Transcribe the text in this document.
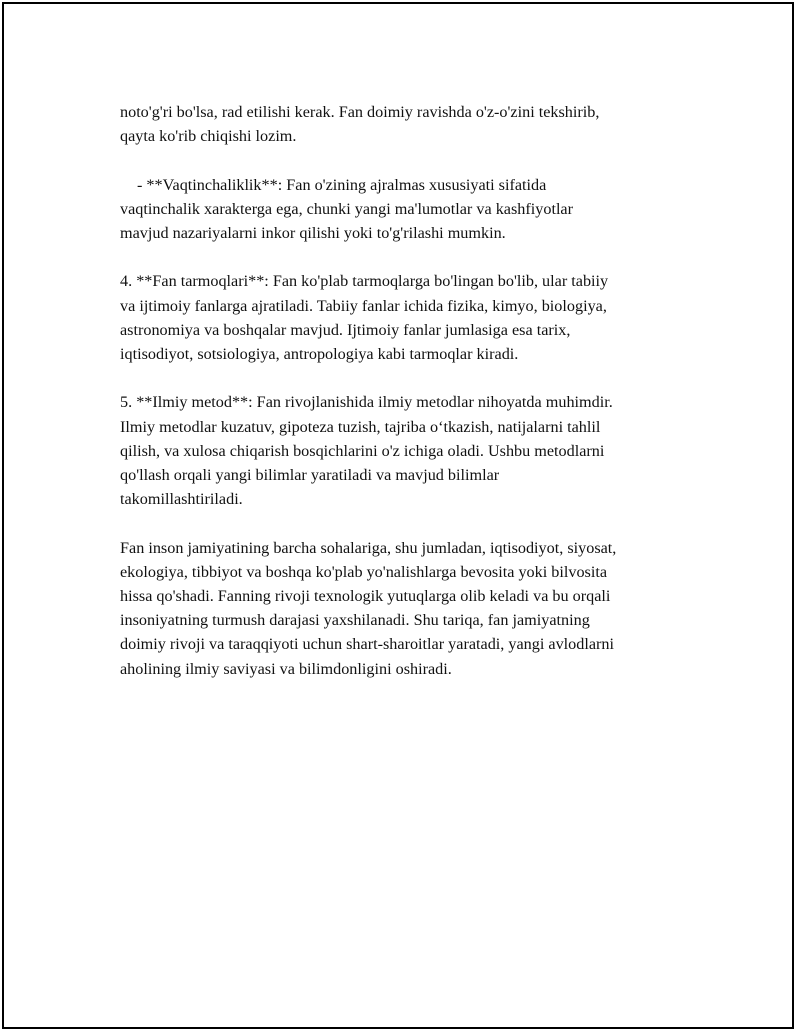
noto'g'ri bo'lsa, rad etilishi kerak. Fan doimiy ravishda o'z-o'zini tekshirib,
qayta ko'rib chiqishi lozim.

- **Vaqtinchaliklik**: Fan o'zining ajralmas xususiyati sifatida
vaqtinchalik xarakterga ega, chunki yangi ma'lumotlar va kashfiyotlar
mavjud nazariyalarni inkor qilishi yoki to'g'rilashi mumkin.

4. **Fan tarmoqlari**: Fan ko'plab tarmoqlarga bo'lingan bo'lib, ular tabiiy
va ijtimoiy fanlarga ajratiladi. Tabiiy fanlar ichida fizika, kimyo, biologiya,
astronomiya va boshqalar mavjud. Ijtimoiy fanlar jumlasiga esa tarix,
iqtisodiyot, sotsiologiya, antropologiya kabi tarmoqlar kiradi.

5. **Ilmiy metod**: Fan rivojlanishida ilmiy metodlar nihoyatda muhimdir.
Ilmiy metodlar kuzatuv, gipoteza tuzish, tajriba oʻtkazish, natijalarni tahlil
qilish, va xulosa chiqarish bosqichlarini o'z ichiga oladi. Ushbu metodlarni
qo'llash orqali yangi bilimlar yaratiladi va mavjud bilimlar
takomillashtiriladi.

Fan inson jamiyatining barcha sohalariga, shu jumladan, iqtisodiyot, siyosat,
ekologiya, tibbiyot va boshqa ko'plab yo'nalishlarga bevosita yoki bilvosita
hissa qo'shadi. Fanning rivoji texnologik yutuqlarga olib keladi va bu orqali
insoniyatning turmush darajasi yaxshilanadi. Shu tariqa, fan jamiyatning
doimiy rivoji va taraqqiyoti uchun shart-sharoitlar yaratadi, yangi avlodlarni
aholining ilmiy saviyasi va bilimdonligini oshiradi.
